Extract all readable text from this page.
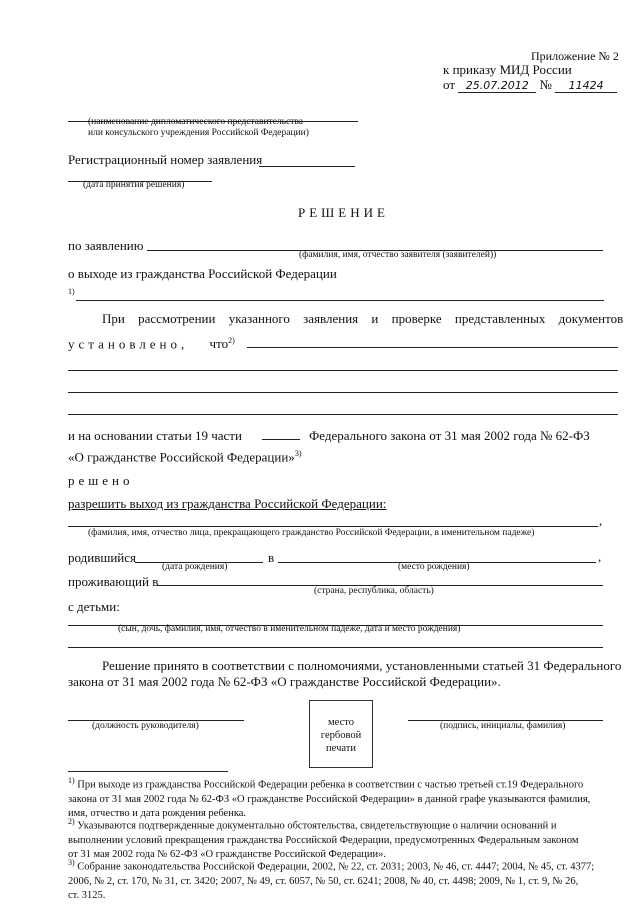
Приложение № 2
к приказу МИД России
от 25.07.2012 № 11424
(наименование дипломатического представительства
или консульского учреждения Российской Федерации)
Регистрационный номер заявления
(дата принятия решения)
РЕШЕНИЕ
по заявлению
(фамилия, имя, отчество заявителя (заявителей))
о выходе из гражданства Российской Федерации
1)
При рассмотрении указанного заявления и проверке представленных документов
установлено, что$^{2)}$
и на основании статьи 19 части	Федерального закона от 31 мая 2002 года № 62-ФЗ
«О гражданстве Российской Федерации»$^{3)}$
решено
разрешить выход из гражданства Российской Федерации:
,
(фамилия, имя, отчество лица, прекращающего гражданство Российской Федерации, в именительном падеже)
родившийся	в	,
(дата рождения)	(место рождения)
проживающий в
(страна, республика, область)
с детьми:
(сын, дочь, фамилия, имя, отчество в именительном падеже, дата и место рождения)
Решение принято в соответствии с полномочиями, установленными статьей 31 Федерального
закона от 31 мая 2002 года № 62-ФЗ «О гражданстве Российской Федерации».
(должность руководителя)	место
гербовой
печати
(подпись, инициалы, фамилия)
$^{1)}$ При выходе из гражданства Российской Федерации ребенка в соответствии с частью третьей ст.19 Федерального
закона от 31 мая 2002 года № 62-ФЗ «О гражданстве Российской Федерации» в данной графе указываются фамилия,
имя, отчество и дата рождения ребенка.
$^{2)}$ Указываются подтвержденные документально обстоятельства, свидетельствующие о наличии оснований и
выполнении условий прекращения гражданства Российской Федерации, предусмотренных Федеральным законом
от 31 мая 2002 года № 62-ФЗ «О гражданстве Российской Федерации».
$^{3)}$ Собрание законодательства Российской Федерации, 2002, № 22, ст. 2031; 2003, № 46, ст. 4447; 2004, № 45, ст. 4377;
2006, № 2, ст. 170, № 31, ст. 3420; 2007, № 49, ст. 6057, № 50, ст. 6241; 2008, № 40, ст. 4498; 2009, № 1, ст. 9, № 26,
ст. 3125.
